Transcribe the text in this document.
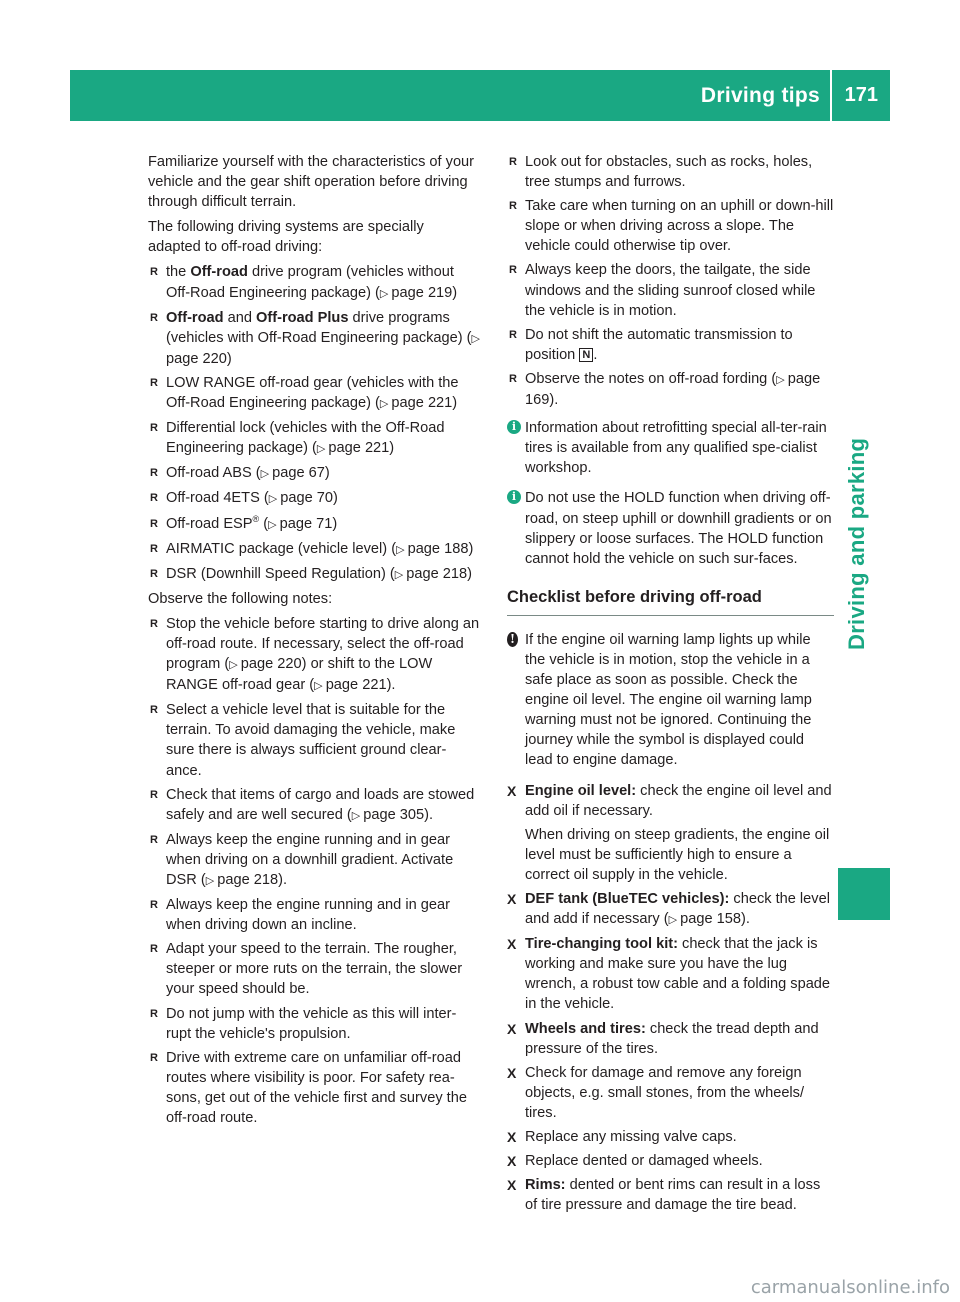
Driving tips 171
Driving and parking

Familiarize yourself with the characteristics of your vehicle and the gear shift operation before driving through difficult terrain.

The following driving systems are specially adapted to off-road driving:

R the Off-road drive program (vehicles without Off-Road Engineering package) (▷ page 219)
R Off-road and Off-road Plus drive programs (vehicles with Off-Road Engineering package) (▷ page 220)
R LOW RANGE off-road gear (vehicles with the Off-Road Engineering package) (▷ page 221)
R Differential lock (vehicles with the Off-Road Engineering package) (▷ page 221)
R Off-road ABS (▷ page 67)
R Off-road 4ETS (▷ page 70)
R Off-road ESP® (▷ page 71)
R AIRMATIC package (vehicle level) (▷ page 188)
R DSR (Downhill Speed Regulation) (▷ page 218)

Observe the following notes:

R Stop the vehicle before starting to drive along an off-road route. If necessary, select the off-road program (▷ page 220) or shift to the LOW RANGE off-road gear (▷ page 221).
R Select a vehicle level that is suitable for the terrain. To avoid damaging the vehicle, make sure there is always sufficient ground clear-ance.
R Check that items of cargo and loads are stowed safely and are well secured (▷ page 305).
R Always keep the engine running and in gear when driving on a downhill gradient. Activate DSR (▷ page 218).
R Always keep the engine running and in gear when driving down an incline.
R Adapt your speed to the terrain. The rougher, steeper or more ruts on the terrain, the slower your speed should be.
R Do not jump with the vehicle as this will inter-rupt the vehicle's propulsion.
R Drive with extreme care on unfamiliar off-road routes where visibility is poor. For safety rea-sons, get out of the vehicle first and survey the off-road route.
R Look out for obstacles, such as rocks, holes, tree stumps and furrows.
R Take care when turning on an uphill or down-hill slope or when driving across a slope. The vehicle could otherwise tip over.
R Always keep the doors, the tailgate, the side windows and the sliding sunroof closed while the vehicle is in motion.
R Do not shift the automatic transmission to position N .
R Observe the notes on off-road fording (▷ page 169).
i Information about retrofitting special all-ter-rain tires is available from any qualified spe-cialist workshop.
i Do not use the HOLD function when driving off-road, on steep uphill or downhill gradients or on slippery or loose surfaces. The HOLD function cannot hold the vehicle on such sur-faces.
Checklist before driving off-road
! If the engine oil warning lamp lights up while the vehicle is in motion, stop the vehicle in a safe place as soon as possible. Check the engine oil level. The engine oil warning lamp warning must not be ignored. Continuing the journey while the symbol is displayed could lead to engine damage.
X Engine oil level: check the engine oil level and add oil if necessary.
When driving on steep gradients, the engine oil level must be sufficiently high to ensure a correct oil supply in the vehicle.
X DEF tank (BlueTEC vehicles): check the level and add if necessary (▷ page 158).
X Tire-changing tool kit: check that the jack is working and make sure you have the lug wrench, a robust tow cable and a folding spade in the vehicle.
X Wheels and tires: check the tread depth and pressure of the tires.
X Check for damage and remove any foreign objects, e.g. small stones, from the wheels/ tires.
X Replace any missing valve caps.
X Replace dented or damaged wheels.
X Rims: dented or bent rims can result in a loss of tire pressure and damage the tire bead.
carmanualsonline.info
